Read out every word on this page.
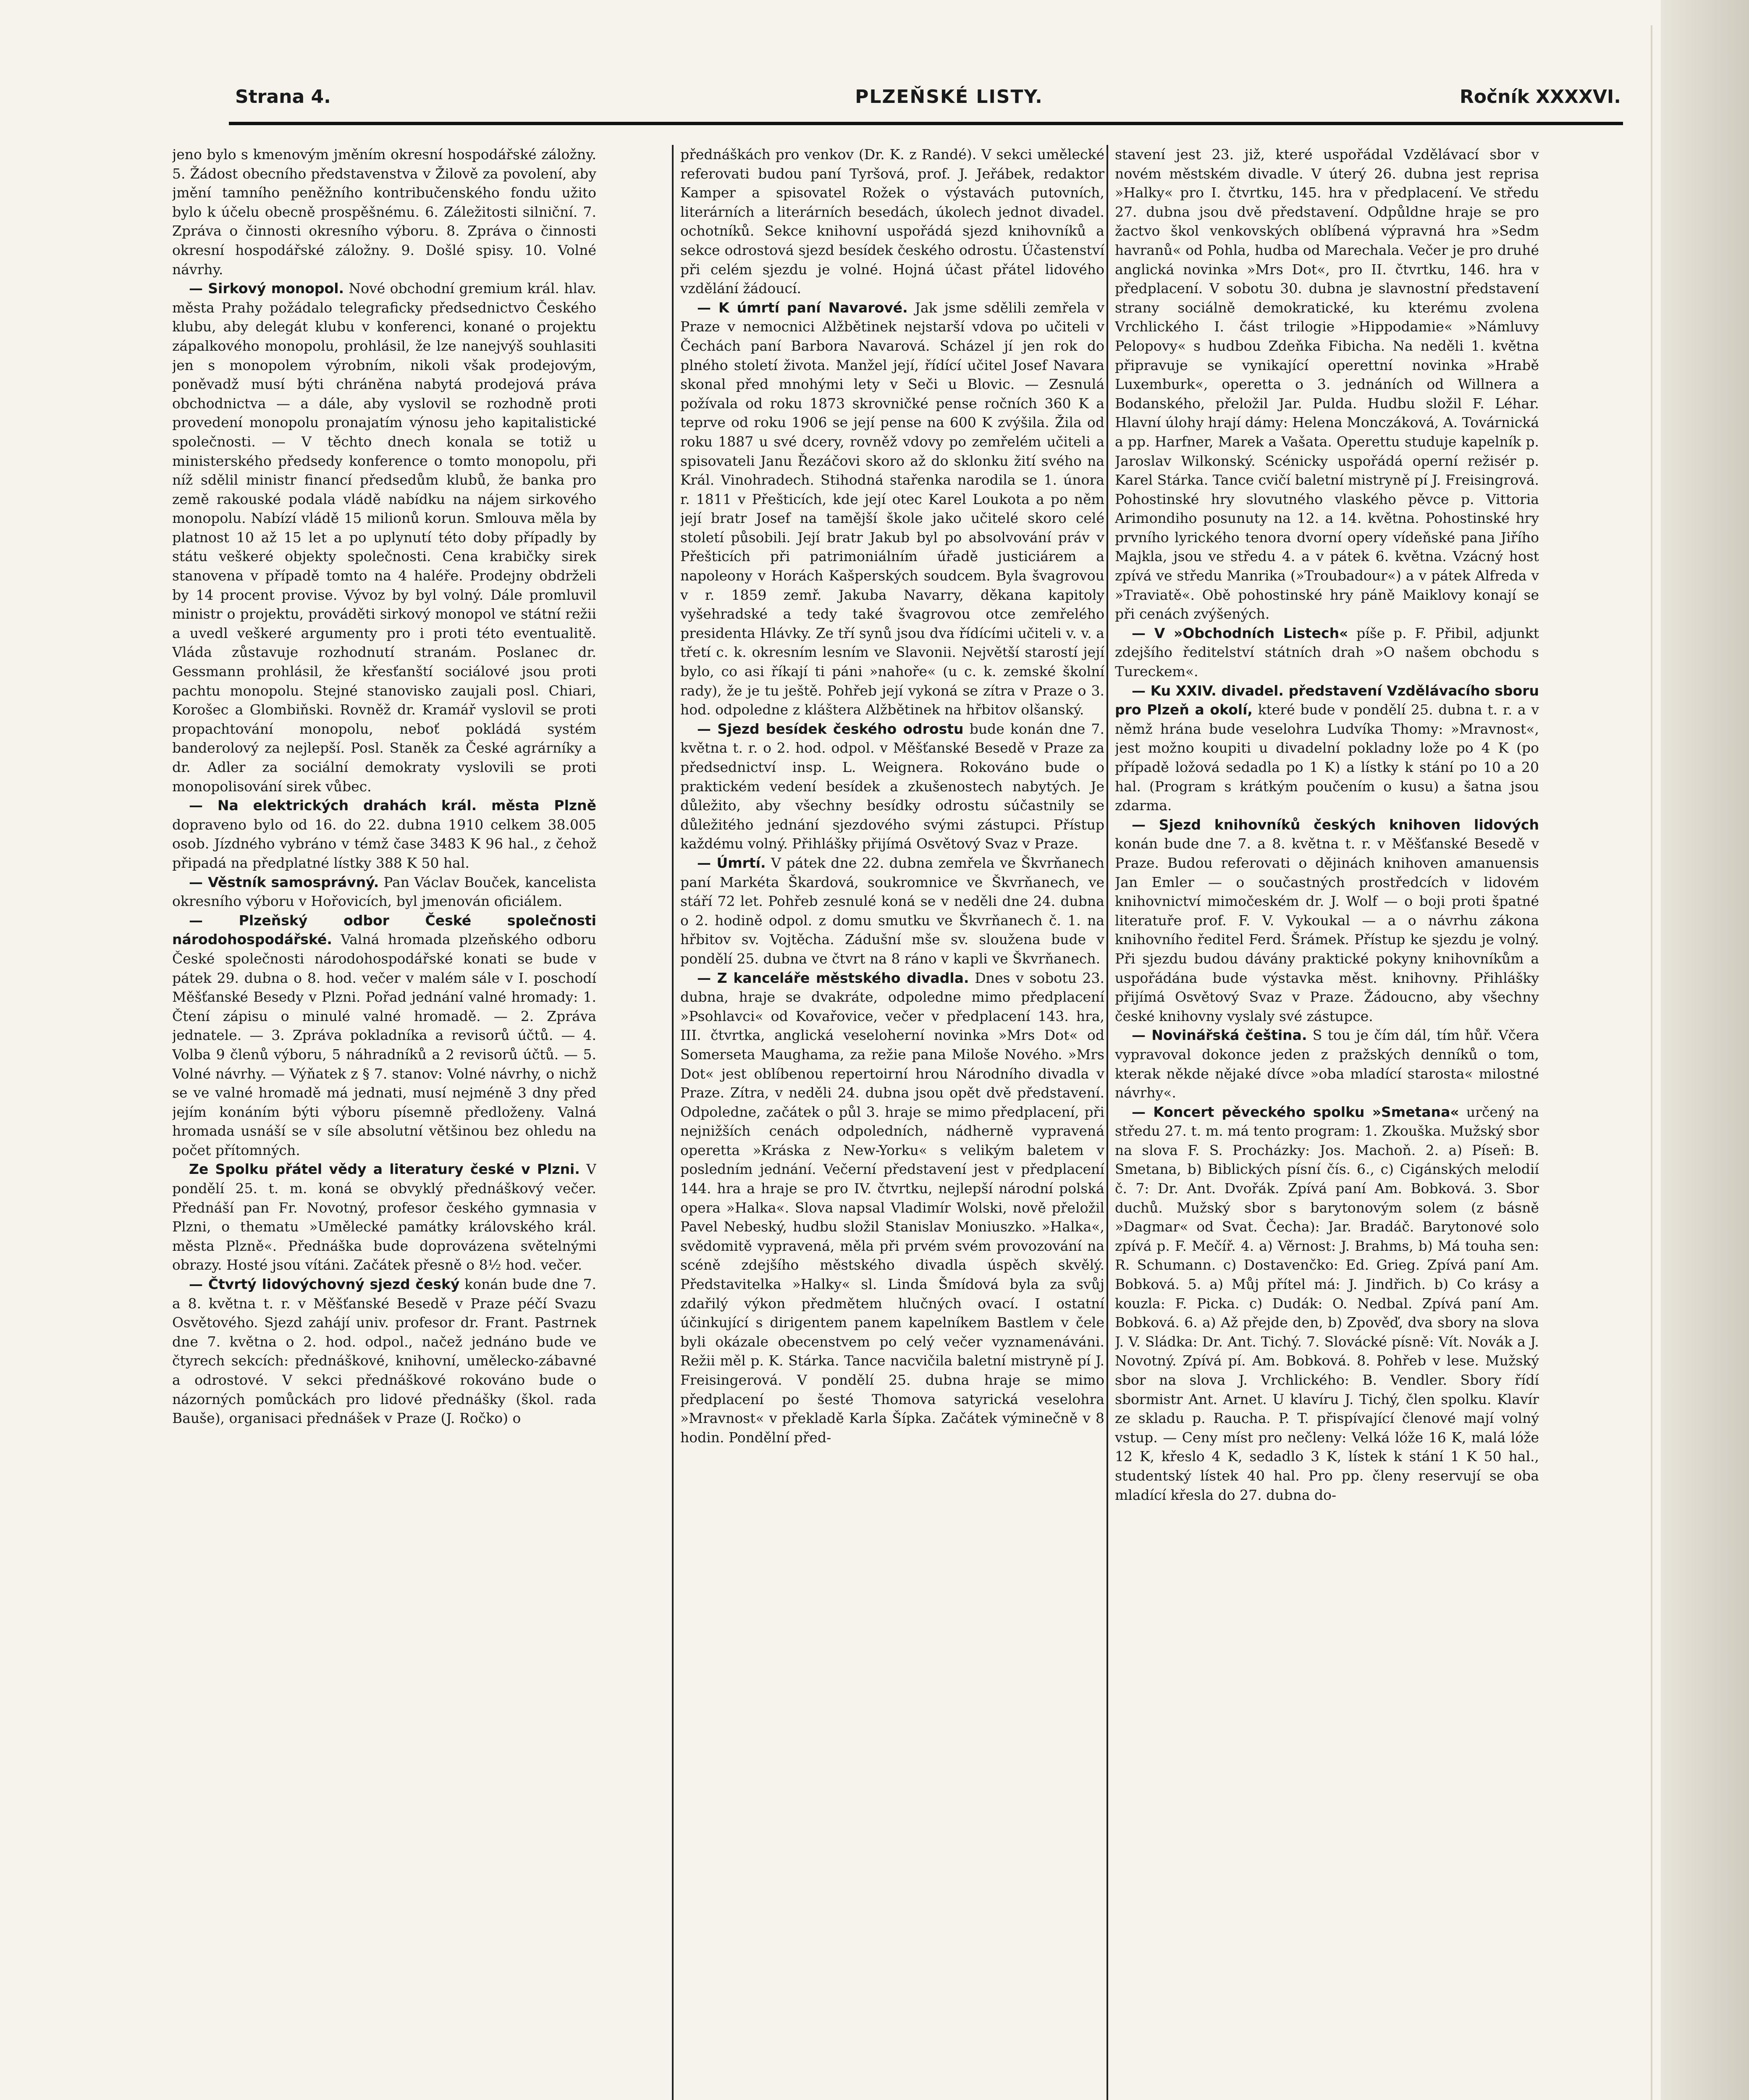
Strana 4.	PLZEŇSKÉ LISTY.	Ročník XXXXVI.

jeno bylo s kmenovým jměním okresní hospodářské záložny. 5. Žádost obecního představenstva v Žilově za povolení, aby jmění tamního peněžního kontribučenského fondu užito bylo k účelu obecně prospěšnému. 6. Záležitosti silniční. 7. Zpráva o činnosti okresního výboru. 8. Zpráva o činnosti okresní hospodářské záložny. 9. Došlé spisy. 10. Volné návrhy.

— Sirkový monopol. Nové obchodní gremium král. hlav. města Prahy požádalo telegraficky předsednictvo Českého klubu, aby delegát klubu v konferenci, konané o projektu zápalkového monopolu, prohlásil, že lze nanejvýš souhlasiti jen s monopolem výrobním, nikoli však prodejovým, poněvadž musí býti chráněna nabytá prodejová práva obchodnictva — a dále, aby vyslovil se rozhodně proti provedení monopolu pronajatím výnosu jeho kapitalistické společnosti. — V těchto dnech konala se totiž u ministerského předsedy konference o tomto monopolu, při níž sdělil ministr financí předsedům klubů, že banka pro země rakouské podala vládě nabídku na nájem sirkového monopolu. Nabízí vládě 15 milionů korun. Smlouva měla by platnost 10 až 15 let a po uplynutí této doby případly by státu veškeré objekty společnosti. Cena krabičky sirek stanovena v případě tomto na 4 haléře. Prodejny obdrželi by 14 procent provise. Vývoz by byl volný. Dále promluvil ministr o projektu, prováděti sirkový monopol ve státní režii a uvedl veškeré argumenty pro i proti této eventualitě. Vláda zůstavuje rozhodnutí stranám. Poslanec dr. Gessmann prohlásil, že křesťanští sociálové jsou proti pachtu monopolu. Stejné stanovisko zaujali posl. Chiari, Korošec a Glombiňski. Rovněž dr. Kramář vyslovil se proti propachtování monopolu, neboť pokládá systém banderolový za nejlepší. Posl. Staněk za České agrárníky a dr. Adler za sociální demokraty vyslovili se proti monopolisování sirek vůbec.

— Na elektrických drahách král. města Plzně dopraveno bylo od 16. do 22. dubna 1910 celkem 38.005 osob. Jízdného vybráno v témž čase 3483 K 96 hal., z čehož připadá na předplatné lístky 388 K 50 hal.

— Věstník samosprávný. Pan Václav Bouček, kancelista okresního výboru v Hořovicích, byl jmenován oficiálem.

— Plzeňský odbor České společnosti národohospodářské. Valná hromada plzeňského odboru České společnosti národohospodářské konati se bude v pátek 29. dubna o 8. hod. večer v malém sále v I. poschodí Měšťanské Besedy v Plzni. Pořad jednání valné hromady: 1. Čtení zápisu o minulé valné hromadě. — 2. Zpráva jednatele. — 3. Zpráva pokladníka a revisorů účtů. — 4. Volba 9 členů výboru, 5 náhradníků a 2 revisorů účtů. — 5. Volné návrhy. — Výňatek z § 7. stanov: Volné návrhy, o nichž se ve valné hromadě má jednati, musí nejméně 3 dny před jejím konáním býti výboru písemně předloženy. Valná hromada usnáší se v síle absolutní většinou bez ohledu na počet přítomných.

Ze Spolku přátel vědy a literatury české v Plzni. V pondělí 25. t. m. koná se obvyklý přednáškový večer. Přednáší pan Fr. Novotný, profesor českého gymnasia v Plzni, o thematu »Umělecké památky královského král. města Plzně«. Přednáška bude doprovázena světelnými obrazy. Hosté jsou vítáni. Začátek přesně o 8½ hod. večer.

— Čtvrtý lidovýchovný sjezd český konán bude dne 7. a 8. května t. r. v Měšťanské Besedě v Praze péčí Svazu Osvětového. Sjezd zahájí univ. profesor dr. Frant. Pastrnek dne 7. května o 2. hod. odpol., načež jednáno bude ve čtyrech sekcích: přednáškové, knihovní, umělecko-zábavné a odrostové. V sekci přednáškové rokováno bude o názorných pomůckách pro lidové přednášky (škol. rada Bauše), organisaci přednášek v Praze (J. Ročko) o

přednáškách pro venkov (Dr. K. z Randé). V sekci umělecké referovati budou paní Tyršová, prof. J. Jeřábek, redaktor Kamper a spisovatel Rožek o výstavách putovních, literárních a literárních besedách, úkolech jednot divadel. ochotníků. Sekce knihovní uspořádá sjezd knihovníků a sekce odrostová sjezd besídek českého odrostu. Účastenství při celém sjezdu je volné. Hojná účast přátel lidového vzdělání žádoucí.

— K úmrtí paní Navarové. Jak jsme sdělili zemřela v Praze v nemocnici Alžbětinek nejstarší vdova po učiteli v Čechách paní Barbora Navarová. Scházel jí jen rok do plného století života. Manžel její, řídící učitel Josef Navara skonal před mnohými lety v Seči u Blovic. — Zesnulá požívala od roku 1873 skrovničké pense ročních 360 K a teprve od roku 1906 se její pense na 600 K zvýšila. Žila od roku 1887 u své dcery, rovněž vdovy po zemřelém učiteli a spisovateli Janu Řezáčovi skoro až do sklonku žití svého na Král. Vinohradech. Stihodná stařenka narodila se 1. února r. 1811 v Přešticích, kde její otec Karel Loukota a po něm její bratr Josef na tamější škole jako učitelé skoro celé století působili. Její bratr Jakub byl po absolvování práv v Přešticích při patrimoniálním úřadě justiciárem a napoleony v Horách Kašperských soudcem. Byla švagrovou v r. 1859 zemř. Jakuba Navarry, děkana kapitoly vyšehradské a tedy také švagrovou otce zemřelého presidenta Hlávky. Ze tří synů jsou dva řídícími učiteli v. v. a třetí c. k. okresním lesním ve Slavonii. Největší starostí její bylo, co asi říkají ti páni »nahoře« (u c. k. zemské školní rady), že je tu ještě. Pohřeb její vykoná se zítra v Praze o 3. hod. odpoledne z kláštera Alžbětinek na hřbitov olšanský.

— Sjezd besídek českého odrostu bude konán dne 7. května t. r. o 2. hod. odpol. v Měšťanské Besedě v Praze za předsednictví insp. L. Weignera. Rokováno bude o praktickém vedení besídek a zkušenostech nabytých. Je důležito, aby všechny besídky odrostu súčastnily se důležitého jednání sjezdového svými zástupci. Přístup každému volný. Přihlášky přijímá Osvětový Svaz v Praze.

— Úmrtí. V pátek dne 22. dubna zemřela ve Škvrňanech paní Markéta Škardová, soukromnice ve Škvrňanech, ve stáří 72 let. Pohřeb zesnulé koná se v neděli dne 24. dubna o 2. hodině odpol. z domu smutku ve Škvrňanech č. 1. na hřbitov sv. Vojtěcha. Zádušní mše sv. sloužena bude v pondělí 25. dubna ve čtvrt na 8 ráno v kapli ve Škvrňanech.

— Z kanceláře městského divadla. Dnes v sobotu 23. dubna, hraje se dvakráte, odpoledne mimo předplacení »Psohlavci« od Kovařovice, večer v předplacení 143. hra, III. čtvrtka, anglická veseloherní novinka »Mrs Dot« od Somerseta Maughama, za režie pana Miloše Nového. »Mrs Dot« jest oblíbenou repertoirní hrou Národního divadla v Praze. Zítra, v neděli 24. dubna jsou opět dvě představení. Odpoledne, začátek o půl 3. hraje se mimo předplacení, při nejnižších cenách odpoledních, nádherně vypravená operetta »Kráska z New-Yorku« s velikým baletem v posledním jednání. Večerní představení jest v předplacení 144. hra a hraje se pro IV. čtvrtku, nejlepší národní polská opera »Halka«. Slova napsal Vladimír Wolski, nově přeložil Pavel Nebeský, hudbu složil Stanislav Moniuszko. »Halka«, svědomitě vypravená, měla při prvém svém provozování na scéně zdejšího městského divadla úspěch skvělý. Představitelka »Halky« sl. Linda Šmídová byla za svůj zdařilý výkon předmětem hlučných ovací. I ostatní účinkující s dirigentem panem kapelníkem Bastlem v čele byli okázale obecenstvem po celý večer vyznamenáváni. Režii měl p. K. Stárka. Tance nacvičila baletní mistryně pí J. Freisingerová. V pondělí 25. dubna hraje se mimo předplacení po šesté Thomova satyrická veselohra »Mravnost« v překladě Karla Šípka. Začátek výminečně v 8 hodin. Pondělní před-

stavení jest 23. již, které uspořádal Vzdělávací sbor v novém městském divadle. V úterý 26. dubna jest reprisa »Halky« pro I. čtvrtku, 145. hra v předplacení. Ve středu 27. dubna jsou dvě představení. Odpůldne hraje se pro žactvo škol venkovských oblíbená výpravná hra »Sedm havranů« od Pohla, hudba od Marechala. Večer je pro druhé anglická novinka »Mrs Dot«, pro II. čtvrtku, 146. hra v předplacení. V sobotu 30. dubna je slavnostní představení strany sociálně demokratické, ku kterému zvolena Vrchlického I. část trilogie »Hippodamie« »Námluvy Pelopovy« s hudbou Zdeňka Fibicha. Na neděli 1. května připravuje se vynikající operettní novinka »Hrabě Luxemburk«, operetta o 3. jednáních od Willnera a Bodanského, přeložil Jar. Pulda. Hudbu složil F. Léhar. Hlavní úlohy hrají dámy: Helena Monczáková, A. Továrnická a pp. Harfner, Marek a Vašata. Operettu studuje kapelník p. Jaroslav Wilkonský. Scénicky uspořádá operní režisér p. Karel Stárka. Tance cvičí baletní mistryně pí J. Freisingrová. Pohostinské hry slovutného vlaského pěvce p. Vittoria Arimondiho posunuty na 12. a 14. května. Pohostinské hry prvního lyrického tenora dvorní opery vídeňské pana Jiřího Majkla, jsou ve středu 4. a v pátek 6. května. Vzácný host zpívá ve středu Manrika (»Troubadour«) a v pátek Alfreda v »Traviatě«. Obě pohostinské hry páně Maiklovy konají se při cenách zvýšených.

— V »Obchodních Listech« píše p. F. Přibil, adjunkt zdejšího ředitelství státních drah »O našem obchodu s Tureckem«.

— Ku XXIV. divadel. představení Vzdělávacího sboru pro Plzeň a okolí, které bude v pondělí 25. dubna t. r. a v němž hrána bude veselohra Ludvíka Thomy: »Mravnost«, jest možno koupiti u divadelní pokladny lože po 4 K (po případě ložová sedadla po 1 K) a lístky k stání po 10 a 20 hal. (Program s krátkým poučením o kusu) a šatna jsou zdarma.

— Sjezd knihovníků českých knihoven lidových konán bude dne 7. a 8. května t. r. v Měšťanské Besedě v Praze. Budou referovati o dějinách knihoven amanuensis Jan Emler — o součastných prostředcích v lidovém knihovnictví mimočeském dr. J. Wolf — o boji proti špatné literatuře prof. F. V. Vykoukal — a o návrhu zákona knihovního ředitel Ferd. Šrámek. Přístup ke sjezdu je volný. Při sjezdu budou dávány praktické pokyny knihovníkům a uspořádána bude výstavka měst. knihovny. Přihlášky přijímá Osvětový Svaz v Praze. Žádoucno, aby všechny české knihovny vyslaly své zástupce.

— Novinářská čeština. S tou je čím dál, tím hůř. Včera vypravoval dokonce jeden z pražských denníků o tom, kterak někde nějaké dívce »oba mladící starosta« milostné návrhy«.

— Koncert pěveckého spolku »Smetana« určený na středu 27. t. m. má tento program: 1. Zkouška. Mužský sbor na slova F. S. Procházky: Jos. Machoň. 2. a) Píseň: B. Smetana, b) Biblických písní čís. 6., c) Cigánských melodií č. 7: Dr. Ant. Dvořák. Zpívá paní Am. Bobková. 3. Sbor duchů. Mužský sbor s barytonovým solem (z básně »Dagmar« od Svat. Čecha): Jar. Bradáč. Barytonové solo zpívá p. F. Mečíř. 4. a) Věrnost: J. Brahms, b) Má touha sen: R. Schumann. c) Dostavenčko: Ed. Grieg. Zpívá paní Am. Bobková. 5. a) Můj přítel má: J. Jindřich. b) Co krásy a kouzla: F. Picka. c) Dudák: O. Nedbal. Zpívá paní Am. Bobková. 6. a) Až přejde den, b) Zpověď, dva sbory na slova J. V. Sládka: Dr. Ant. Tichý. 7. Slovácké písně: Vít. Novák a J. Novotný. Zpívá pí. Am. Bobková. 8. Pohřeb v lese. Mužský sbor na slova J. Vrchlického: B. Vendler. Sbory řídí sbormistr Ant. Arnet. U klavíru J. Tichý, člen spolku. Klavír ze skladu p. Raucha. P. T. přispívající členové mají volný vstup. — Ceny míst pro nečleny: Velká lóže 16 K, malá lóže 12 K, křeslo 4 K, sedadlo 3 K, lístek k stání 1 K 50 hal., studentský lístek 40 hal. Pro pp. členy reservují se oba mladící křesla do 27. dubna do-
